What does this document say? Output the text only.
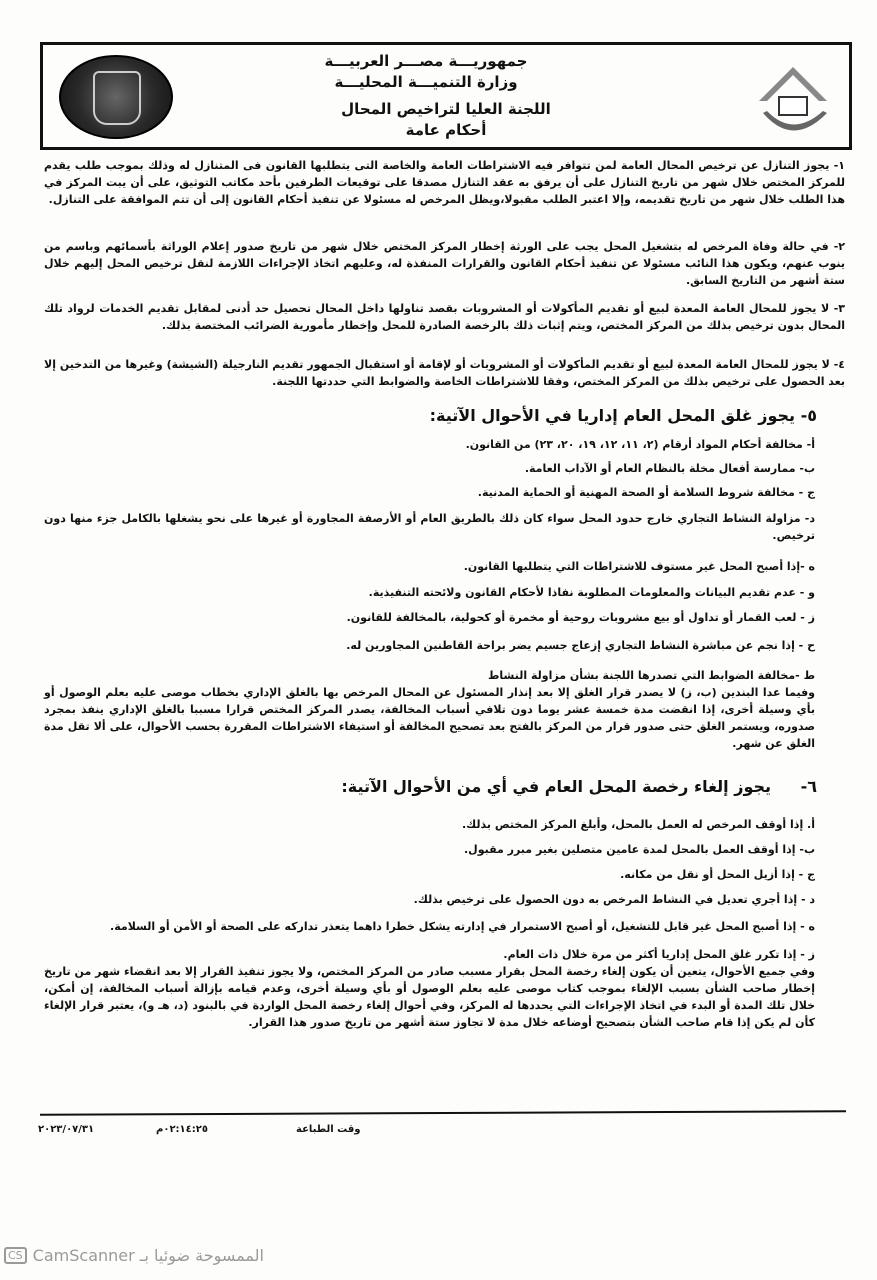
جمهوريـــة مصـــر العربيـــة
وزارة التنميـــة المحليـــة
اللجنة العليا لتراخيص المحال
أحكام عامة
١- يجوز التنازل عن ترخيص المحال العامة لمن تتوافر فيه الاشتراطات العامة والخاصة التى يتطلبها القانون فى المتنازل له وذلك بموجب طلب يقدم للمركز المختص خلال شهر من تاريخ التنازل على أن يرفق به عقد التنازل مصدقا على توقيعات الطرفين بأحد مكاتب التوثيق، على أن يبت المركز في هذا الطلب خلال شهر من تاريخ تقديمه، وإلا اعتبر الطلب مقبولا،ويظل المرخص له مسئولا عن تنفيذ أحكام القانون إلى أن تتم الموافقة على التنازل.
٢- في حالة وفاة المرخص له بتشغيل المحل يجب على الورثة إخطار المركز المختص خلال شهر من تاريخ صدور إعلام الوراثة بأسمائهم وباسم من ينوب عنهم، ويكون هذا النائب مسئولا عن تنفيذ أحكام القانون والقرارات المنفذة له، وعليهم اتخاذ الإجراءات اللازمة لنقل ترخيص المحل إليهم خلال ستة أشهر من التاريخ السابق.
٣- لا يجوز للمحال العامة المعدة لبيع أو تقديم المأكولات أو المشروبات بقصد تناولها داخل المحال تحصيل حد أدنى لمقابل تقديم الخدمات لرواد تلك المحال بدون ترخيص بذلك من المركز المختص، ويتم إثبات ذلك بالرخصة الصادرة للمحل وإخطار مأمورية الضرائب المختصة بذلك.
٤- لا يجوز للمحال العامة المعدة لبيع أو تقديم المأكولات أو المشروبات أو لإقامة أو استقبال الجمهور تقديم النارجيلة (الشيشة) وغيرها من التدخين إلا بعد الحصول على ترخيص بذلك من المركز المختص، وفقا للاشتراطات الخاصة والضوابط التي حددتها اللجنة.
٥- يجوز غلق المحل العام إداريا في الأحوال الآتية:
أ- مخالفة أحكام المواد أرقام (٢، ١١، ١٢، ١٩، ٢٠، ٢٣) من القانون.
ب- ممارسة أفعال مخلة بالنظام العام أو الآداب العامة.
ج - مخالفة شروط السلامة أو الصحة المهنية أو الحماية المدنية.
د- مزاولة النشاط التجاري خارج حدود المحل سواء كان ذلك بالطريق العام أو الأرصفة المجاورة أو غيرها على نحو يشغلها بالكامل جزء منها دون ترخيص.
ه -إذا أصبح المحل غير مستوف للاشتراطات التي يتطلبها القانون.
و - عدم تقديم البيانات والمعلومات المطلوبة نفاذا لأحكام القانون ولائحته التنفيذية.
ز - لعب القمار أو تداول أو بيع مشروبات روحية أو مخمرة أو كحولية، بالمخالفة للقانون.
ح - إذا نجم عن مباشرة النشاط التجاري إزعاج جسيم يضر براحة القاطنين المجاورين له.
ط -مخالفة الضوابط التي تصدرها اللجنة بشأن مزاولة النشاط
وفيما عدا البندين (ب، ز) لا يصدر قرار الغلق إلا بعد إنذار المسئول عن المحال المرخص بها بالغلق الإداري بخطاب موصى عليه بعلم الوصول أو بأي وسيلة أخرى، إذا انقضت مدة خمسة عشر يوما دون تلافي أسباب المخالفة، يصدر المركز المختص قرارا مسببا بالغلق الإداري ينفذ بمجرد صدوره، ويستمر الغلق حتى صدور قرار من المركز بالفتح بعد تصحيح المخالفة أو استيفاء الاشتراطات المقررة بحسب الأحوال، على ألا تقل مدة الغلق عن شهر.
٦- يجوز إلغاء رخصة المحل العام في أي من الأحوال الآتية:
أ. إذا أوقف المرخص له العمل بالمحل، وأبلغ المركز المختص بذلك.
ب- إذا أوقف العمل بالمحل لمدة عامين متصلين بغير مبرر مقبول.
ج - إذا أزيل المحل أو نقل من مكانه.
د - إذا أجري تعديل في النشاط المرخص به دون الحصول على ترخيص بذلك.
ه - إذا أصبح المحل غير قابل للتشغيل، أو أصبح الاستمرار في إدارته يشكل خطرا داهما يتعذر تداركه على الصحة أو الأمن أو السلامة.
ز - إذا تكرر غلق المحل إداريا أكثر من مرة خلال ذات العام.
وفي جميع الأحوال، يتعين أن يكون إلغاء رخصة المحل بقرار مسبب صادر من المركز المختص، ولا يجوز تنفيذ القرار إلا بعد انقضاء شهر من تاريخ إخطار صاحب الشأن بسبب الإلغاء بموجب كتاب موصى عليه بعلم الوصول أو بأي وسيلة أخرى، وعدم قيامه بإزالة أسباب المخالفة، إن أمكن، خلال تلك المدة أو البدء في اتخاذ الإجراءات التي يحددها له المركز، وفي أحوال إلغاء رخصة المحل الواردة في بالبنود (د، هـ و)، يعتبر قرار الإلغاء كأن لم يكن إذا قام صاحب الشأن بتصحيح أوضاعه خلال مدة لا تجاوز ستة أشهر من تاريخ صدور هذا القرار.
وقت الطباعة
٠٢:١٤:٢٥م
٢٠٢٣/٠٧/٣١
CS الممسوحة ضوئيا بـ CamScanner
